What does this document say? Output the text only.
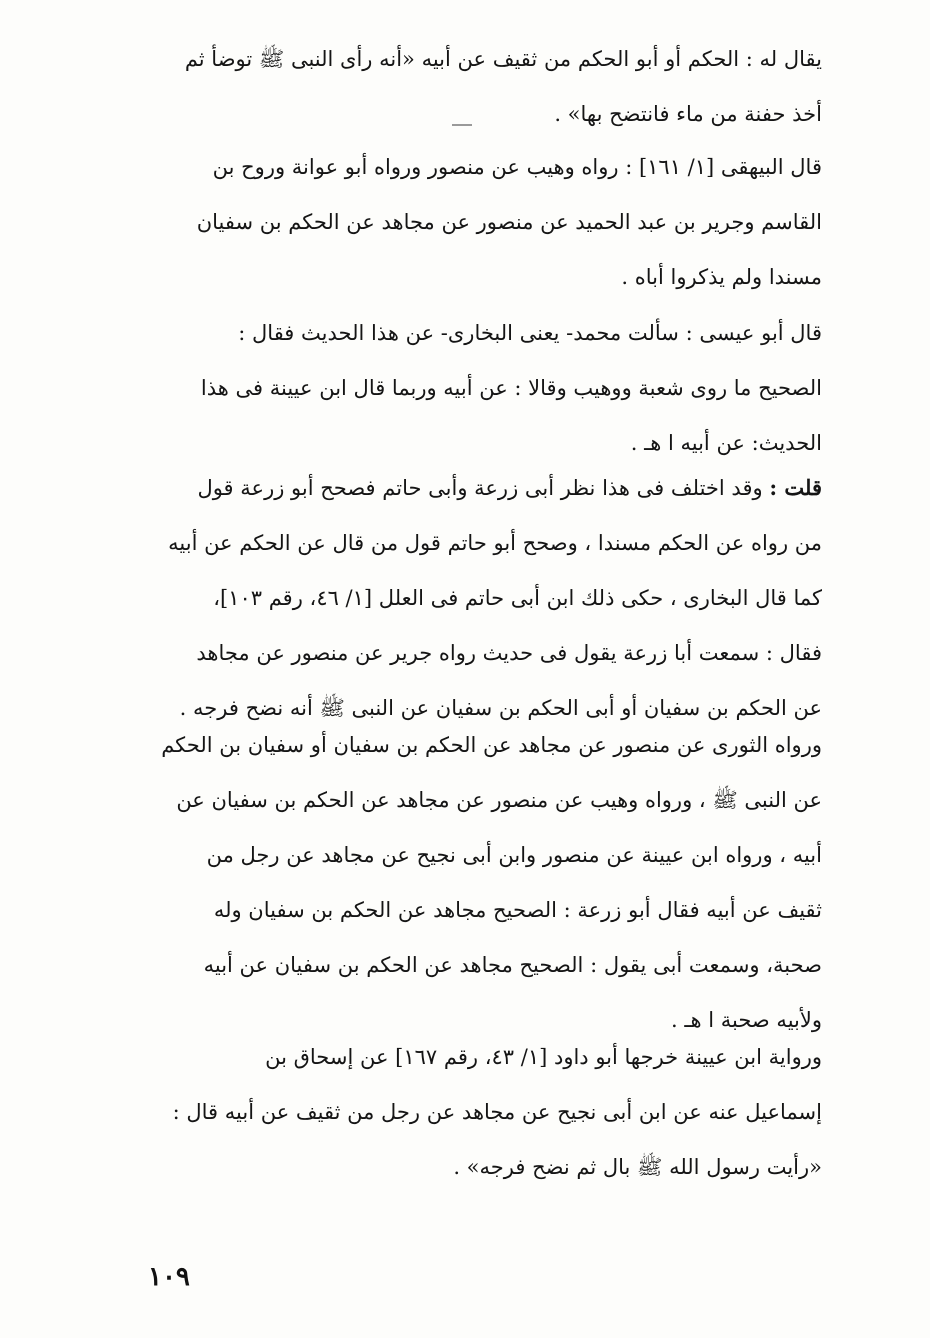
يقال له : الحكم أو أبو الحكم من ثقيف عن أبيه «أنه رأى النبى ﷺ توضأ ثم
أخذ حفنة من ماء فانتضح بها» .

قال البيهقى [١/ ١٦١] : رواه وهيب عن منصور ورواه أبو عوانة وروح بن
القاسم وجرير بن عبد الحميد عن منصور عن مجاهد عن الحكم بن سفيان
مسندا ولم يذكروا أباه .

قال أبو عيسى : سألت محمد- يعنى البخارى- عن هذا الحديث فقال :
الصحيح ما روى شعبة ووهيب وقالا : عن أبيه وربما قال ابن عيينة فى هذا
الحديث: عن أبيه ا هـ .

قلت : وقد اختلف فى هذا نظر أبى زرعة وأبى حاتم فصحح أبو زرعة قول
من رواه عن الحكم مسندا ، وصحح أبو حاتم قول من قال عن الحكم عن أبيه
كما قال البخارى ، حكى ذلك ابن أبى حاتم فى العلل [١/ ٤٦، رقم ١٠٣]،
فقال : سمعت أبا زرعة يقول فى حديث رواه جرير عن منصور عن مجاهد
عن الحكم بن سفيان أو أبى الحكم بن سفيان عن النبى ﷺ أنه نضح فرجه .

ورواه الثورى عن منصور عن مجاهد عن الحكم بن سفيان أو سفيان بن الحكم
عن النبى ﷺ ، ورواه وهيب عن منصور عن مجاهد عن الحكم بن سفيان عن
أبيه ، ورواه ابن عيينة عن منصور وابن أبى نجيح عن مجاهد عن رجل من
ثقيف عن أبيه فقال أبو زرعة : الصحيح مجاهد عن الحكم بن سفيان وله
صحبة، وسمعت أبى يقول : الصحيح مجاهد عن الحكم بن سفيان عن أبيه
ولأبيه صحبة ا هـ .

ورواية ابن عيينة خرجها أبو داود [١/ ٤٣، رقم ١٦٧] عن إسحاق بن
إسماعيل عنه عن ابن أبى نجيح عن مجاهد عن رجل من ثقيف عن أبيه قال :
«رأيت رسول الله ﷺ بال ثم نضح فرجه» .

١٠٩
